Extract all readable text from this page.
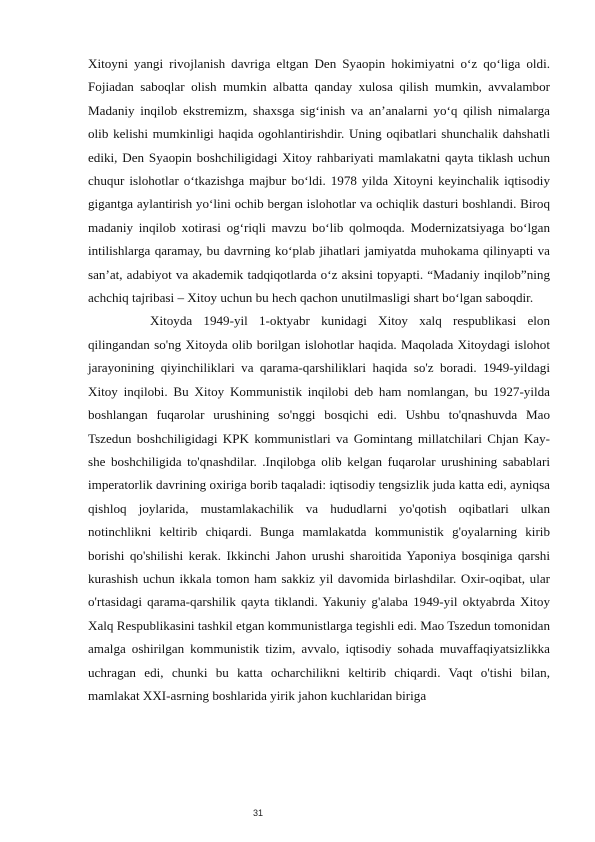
Xitoyni yangi rivojlanish davriga eltgan Den Syaopin hokimiyatni o‘z qo‘liga oldi. Fojiadan saboqlar olish mumkin albatta qanday xulosa qilish mumkin, avvalambor Madaniy inqilob ekstremizm, shaxsga sig‘inish va an’analarni yo‘q qilish nimalarga olib kelishi mumkinligi haqida ogohlantirishdir. Uning oqibatlari shunchalik dahshatli ediki, Den Syaopin boshchiligidagi Xitoy rahbariyati mamlakatni qayta tiklash uchun chuqur islohotlar o‘tkazishga majbur bo‘ldi. 1978 yilda Xitoyni keyinchalik iqtisodiy gigantga aylantirish yo‘lini ochib bergan islohotlar va ochiqlik dasturi boshlandi. Biroq madaniy inqilob xotirasi og‘riqli mavzu bo‘lib qolmoqda. Modernizatsiyaga bo‘lgan intilishlarga qaramay, bu davrning ko‘plab jihatlari jamiyatda muhokama qilinyapti va san’at, adabiyot va akademik tadqiqotlarda o‘z aksini topyapti. “Madaniy inqilob”ning achchiq tajribasi – Xitoy uchun bu hech qachon unutilmasligi shart bo‘lgan saboqdir.

Xitoyda 1949-yil 1-oktyabr kunidagi Xitoy xalq respublikasi elon qilingandan so'ng Xitoyda olib borilgan islohotlar haqida. Maqolada Xitoydagi islohot jarayonining qiyinchiliklari va qarama-qarshiliklari haqida so'z boradi. 1949-yildagi Xitoy inqilobi. Bu Xitoy Kommunistik inqilobi deb ham nomlangan, bu 1927-yilda boshlangan fuqarolar urushining so'nggi bosqichi edi. Ushbu to'qnashuvda Mao Tszedun boshchiligidagi KPK kommunistlari va Gomintang millatchilari Chjan Kay-she boshchiligida to'qnashdilar. .Inqilobga olib kelgan fuqarolar urushining sabablari imperatorlik davrining oxiriga borib taqaladi: iqtisodiy tengsizlik juda katta edi, ayniqsa qishloq joylarida, mustamlakachilik va hududlarni yo'qotish oqibatlari ulkan notinchlikni keltirib chiqardi. Bunga mamlakatda kommunistik g'oyalarning kirib borishi qo'shilishi kerak. Ikkinchi Jahon urushi sharoitida Yaponiya bosqiniga qarshi kurashish uchun ikkala tomon ham sakkiz yil davomida birlashdilar. Oxir-oqibat, ular o'rtasidagi qarama-qarshilik qayta tiklandi. Yakuniy g'alaba 1949-yil oktyabrda Xitoy Xalq Respublikasini tashkil etgan kommunistlarga tegishli edi. Mao Tszedun tomonidan amalga oshirilgan kommunistik tizim, avvalo, iqtisodiy sohada muvaffaqiyatsizlikka uchragan edi, chunki bu katta ocharchilikni keltirib chiqardi. Vaqt o'tishi bilan, mamlakat XXI-asrning boshlarida yirik jahon kuchlaridan biriga

31
